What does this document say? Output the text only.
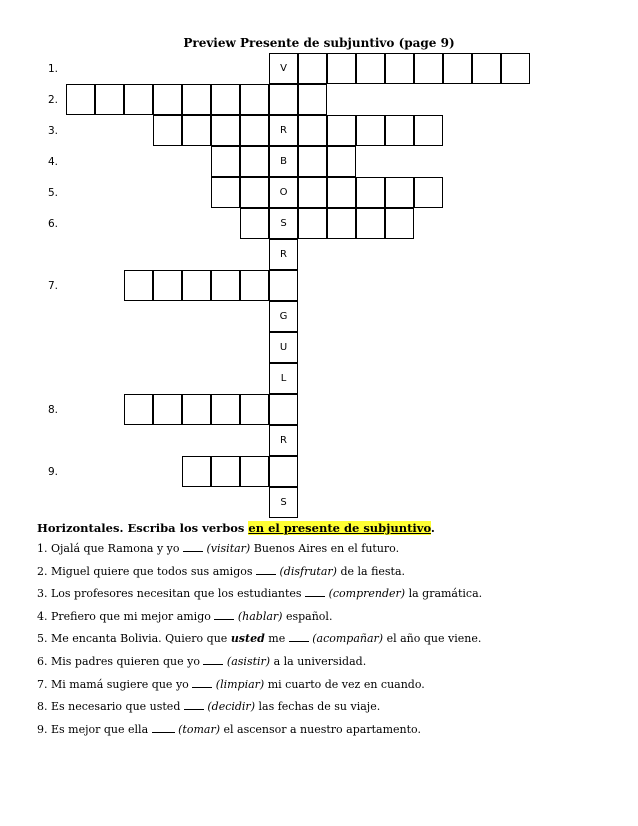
Preview Presente de subjuntivo (page 9)
1.
2.
3.
4.
5.
6.
7.
8.
9.
V
R
B
O
S
R
G
U
L
R
S
Horizontales. Escriba los verbos en el presente de subjuntivo.
1. Ojalá que Ramona y yo  (visitar) Buenos Aires en el futuro.
2. Miguel quiere que todos sus amigos  (disfrutar) de la fiesta.
3. Los profesores necesitan que los estudiantes  (comprender) la gramática.
4. Prefiero que mi mejor amigo  (hablar) español.
5. Me encanta Bolivia. Quiero que usted me  (acompañar) el año que viene.
6. Mis padres quieren que yo  (asistir) a la universidad.
7. Mi mamá sugiere que yo  (limpiar) mi cuarto de vez en cuando.
8. Es necesario que usted  (decidir) las fechas de su viaje.
9. Es mejor que ella  (tomar) el ascensor a nuestro apartamento.
